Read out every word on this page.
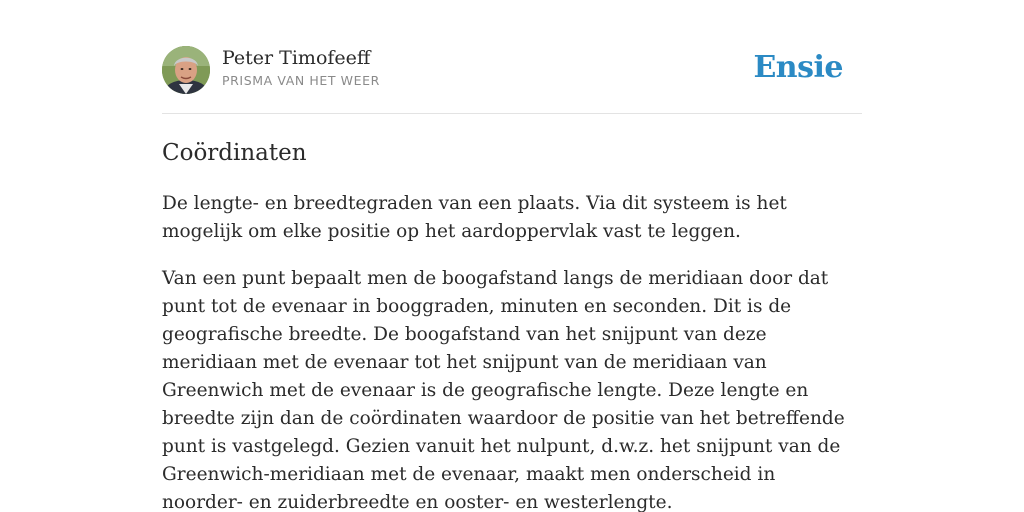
Peter Timofeeff
PRISMA VAN HET WEER	Ensie
Coördinaten

De lengte- en breedtegraden van een plaats. Via dit systeem is het mogelijk om elke positie op het aardoppervlak vast te leggen.

Van een punt bepaalt men de boogafstand langs de meridiaan door dat punt tot de evenaar in booggraden, minuten en seconden. Dit is de geografische breedte. De boogafstand van het snijpunt van deze meridiaan met de evenaar tot het snijpunt van de meridiaan van Greenwich met de evenaar is de geografische lengte. Deze lengte en breedte zijn dan de coördinaten waardoor de positie van het betreffende punt is vastgelegd. Gezien vanuit het nulpunt, d.w.z. het snijpunt van de Greenwich-meridiaan met de evenaar, maakt men onderscheid in noorder- en zuiderbreedte en ooster- en westerlengte.
